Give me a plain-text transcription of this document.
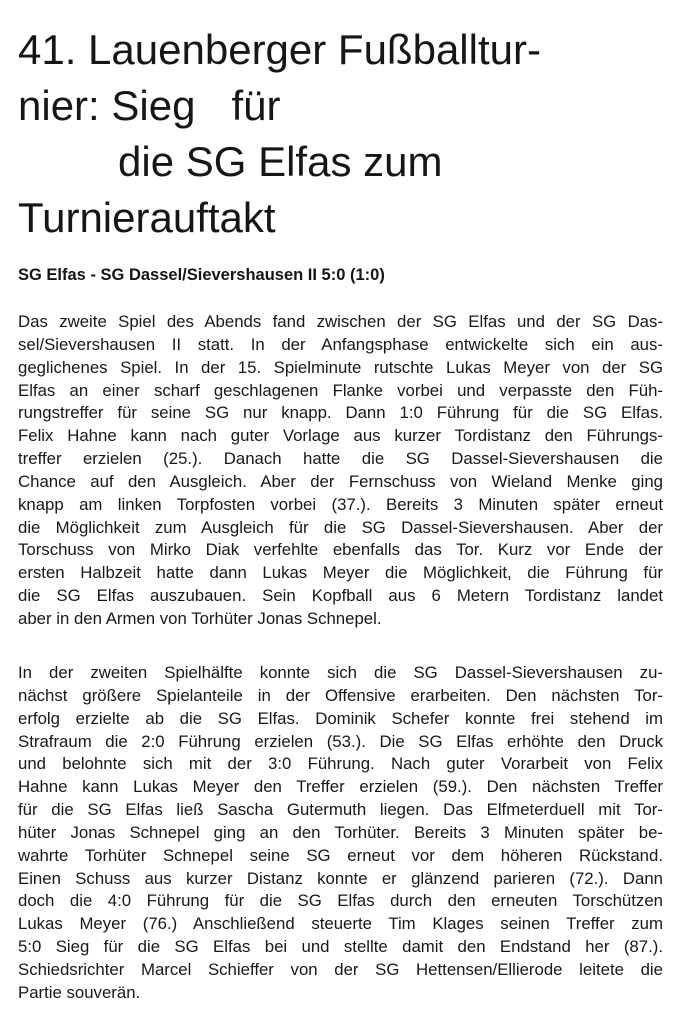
41. Lauenberger Fußballtur-
nier: Sieg für
die SG Elfas zum
Turnierauftakt

SG Elfas - SG Dassel/Sievershausen II 5:0 (1:0)

Das zweite Spiel des Abends fand zwischen der SG Elfas und der SG Das-
sel/Sievershausen II statt. In der Anfangsphase entwickelte sich ein aus-
geglichenes Spiel. In der 15. Spielminute rutschte Lukas Meyer von der SG
Elfas an einer scharf geschlagenen Flanke vorbei und verpasste den Füh-
rungstreffer für seine SG nur knapp. Dann 1:0 Führung für die SG Elfas.
Felix Hahne kann nach guter Vorlage aus kurzer Tordistanz den Führungs-
treffer erzielen (25.). Danach hatte die SG Dassel-Sievershausen die
Chance auf den Ausgleich. Aber der Fernschuss von Wieland Menke ging
knapp am linken Torpfosten vorbei (37.). Bereits 3 Minuten später erneut
die Möglichkeit zum Ausgleich für die SG Dassel-Sievershausen. Aber der
Torschuss von Mirko Diak verfehlte ebenfalls das Tor. Kurz vor Ende der
ersten Halbzeit hatte dann Lukas Meyer die Möglichkeit, die Führung für
die SG Elfas auszubauen. Sein Kopfball aus 6 Metern Tordistanz landet
aber in den Armen von Torhüter Jonas Schnepel.
In der zweiten Spielhälfte konnte sich die SG Dassel-Sievershausen zu-
nächst größere Spielanteile in der Offensive erarbeiten. Den nächsten Tor-
erfolg erzielte ab die SG Elfas. Dominik Schefer konnte frei stehend im
Strafraum die 2:0 Führung erzielen (53.). Die SG Elfas erhöhte den Druck
und belohnte sich mit der 3:0 Führung. Nach guter Vorarbeit von Felix
Hahne kann Lukas Meyer den Treffer erzielen (59.). Den nächsten Treffer
für die SG Elfas ließ Sascha Gutermuth liegen. Das Elfmeterduell mit Tor-
hüter Jonas Schnepel ging an den Torhüter. Bereits 3 Minuten später be-
wahrte Torhüter Schnepel seine SG erneut vor dem höheren Rückstand.
Einen Schuss aus kurzer Distanz konnte er glänzend parieren (72.). Dann
doch die 4:0 Führung für die SG Elfas durch den erneuten Torschützen
Lukas Meyer (76.) Anschließend steuerte Tim Klages seinen Treffer zum
5:0 Sieg für die SG Elfas bei und stellte damit den Endstand her (87.).
Schiedsrichter Marcel Schieffer von der SG Hettensen/Ellierode leitete die
Partie souverän.
